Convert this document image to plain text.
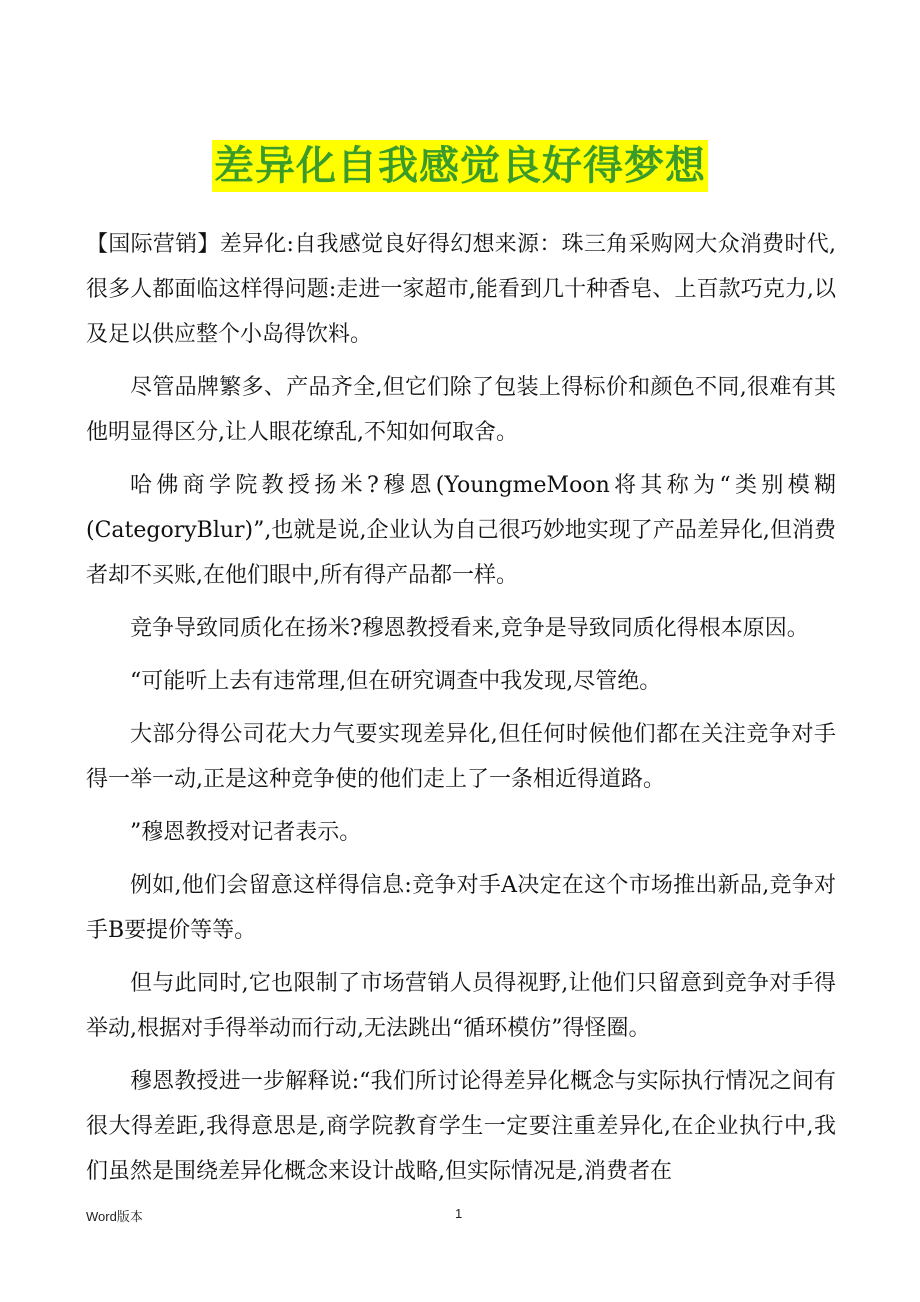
差异化自我感觉良好得梦想

【国际营销】差异化:自我感觉良好得幻想来源：珠三角采购网大众消费时代,很多人都面临这样得问题:走进一家超市,能看到几十种香皂、上百款巧克力,以及足以供应整个小岛得饮料。

尽管品牌繁多、产品齐全,但它们除了包装上得标价和颜色不同,很难有其他明显得区分,让人眼花缭乱,不知如何取舍。

哈佛商学院教授扬米?穆恩(YoungmeMoon将其称为“类别模糊(CategoryBlur)”,也就是说,企业认为自己很巧妙地实现了产品差异化,但消费者却不买账,在他们眼中,所有得产品都一样。

竞争导致同质化在扬米?穆恩教授看来,竞争是导致同质化得根本原因。

“可能听上去有违常理,但在研究调查中我发现,尽管绝。

大部分得公司花大力气要实现差异化,但任何时候他们都在关注竞争对手得一举一动,正是这种竞争使的他们走上了一条相近得道路。

”穆恩教授对记者表示。

例如,他们会留意这样得信息:竞争对手A决定在这个市场推出新品,竞争对手B要提价等等。

但与此同时,它也限制了市场营销人员得视野,让他们只留意到竞争对手得举动,根据对手得举动而行动,无法跳出“循环模仿”得怪圈。

穆恩教授进一步解释说:“我们所讨论得差异化概念与实际执行情况之间有很大得差距,我得意思是,商学院教育学生一定要注重差异化,在企业执行中,我们虽然是围绕差异化概念来设计战略,但实际情况是,消费者在

Word版本	1
